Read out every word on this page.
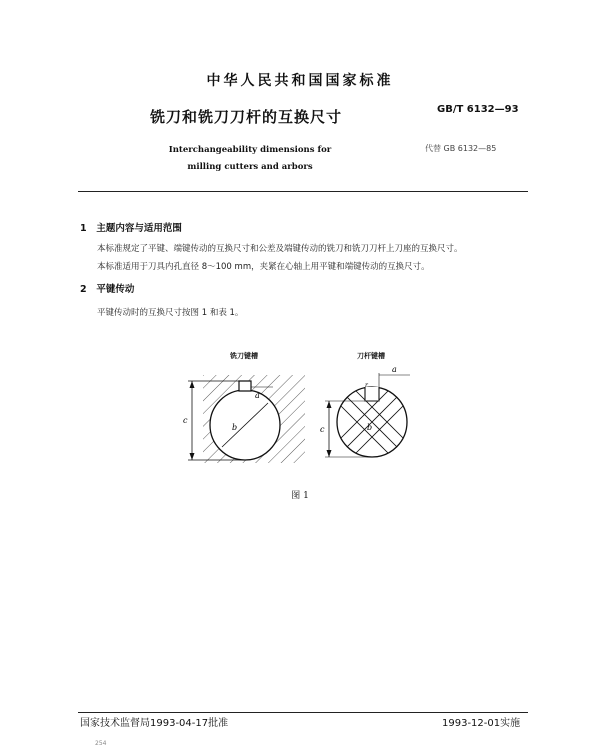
中华人民共和国国家标准
铣刀和铣刀刀杆的互换尺寸	GB/T 6132—93
Interchangeability dimensions for
milling cutters and arbors
代替 GB 6132—85
1 主题内容与适用范围
本标准规定了平键、端键传动的互换尺寸和公差及端键传动的铣刀和铣刀刀杆上刀座的互换尺寸。
本标准适用于刀具内孔直径 8～100 mm，夹紧在心轴上用平键和端键传动的互换尺寸。
2 平键传动
平键传动时的互换尺寸按图 1 和表 1。
铣刀键槽	刀杆键槽
c
b
a
a
r
c	b
图 1
国家技术监督局1993-04-17批准	1993-12-01实施
254
